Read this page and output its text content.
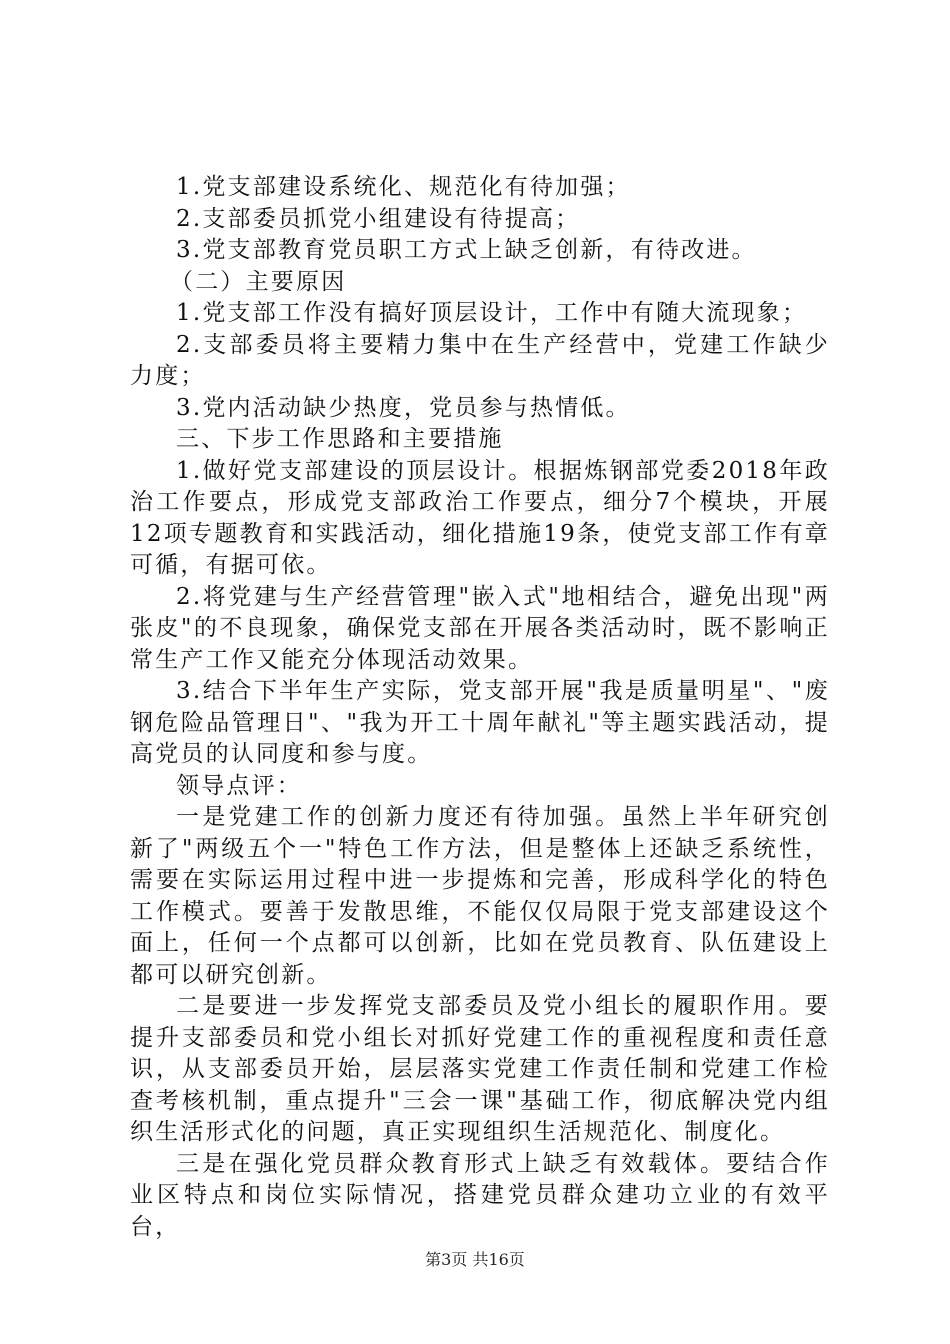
1.党支部建设系统化、规范化有待加强；

2.支部委员抓党小组建设有待提高；

3.党支部教育党员职工方式上缺乏创新，有待改进。

（二）主要原因

1.党支部工作没有搞好顶层设计，工作中有随大流现象；

2.支部委员将主要精力集中在生产经营中，党建工作缺少力度；

3.党内活动缺少热度，党员参与热情低。

三、下步工作思路和主要措施

1.做好党支部建设的顶层设计。根据炼钢部党委2018年政治工作要点，形成党支部政治工作要点，细分7个模块，开展12项专题教育和实践活动，细化措施19条，使党支部工作有章可循，有据可依。

2.将党建与生产经营管理"嵌入式"地相结合，避免出现"两张皮"的不良现象，确保党支部在开展各类活动时，既不影响正常生产工作又能充分体现活动效果。

3.结合下半年生产实际，党支部开展"我是质量明星"、"废钢危险品管理日"、"我为开工十周年献礼"等主题实践活动，提高党员的认同度和参与度。

领导点评：

一是党建工作的创新力度还有待加强。虽然上半年研究创新了"两级五个一"特色工作方法，但是整体上还缺乏系统性，需要在实际运用过程中进一步提炼和完善，形成科学化的特色工作模式。要善于发散思维，不能仅仅局限于党支部建设这个面上，任何一个点都可以创新，比如在党员教育、队伍建设上都可以研究创新。

二是要进一步发挥党支部委员及党小组长的履职作用。要提升支部委员和党小组长对抓好党建工作的重视程度和责任意识，从支部委员开始，层层落实党建工作责任制和党建工作检查考核机制，重点提升"三会一课"基础工作，彻底解决党内组织生活形式化的问题，真正实现组织生活规范化、制度化。

三是在强化党员群众教育形式上缺乏有效载体。要结合作业区特点和岗位实际情况，搭建党员群众建功立业的有效平台，

第3页 共16页
